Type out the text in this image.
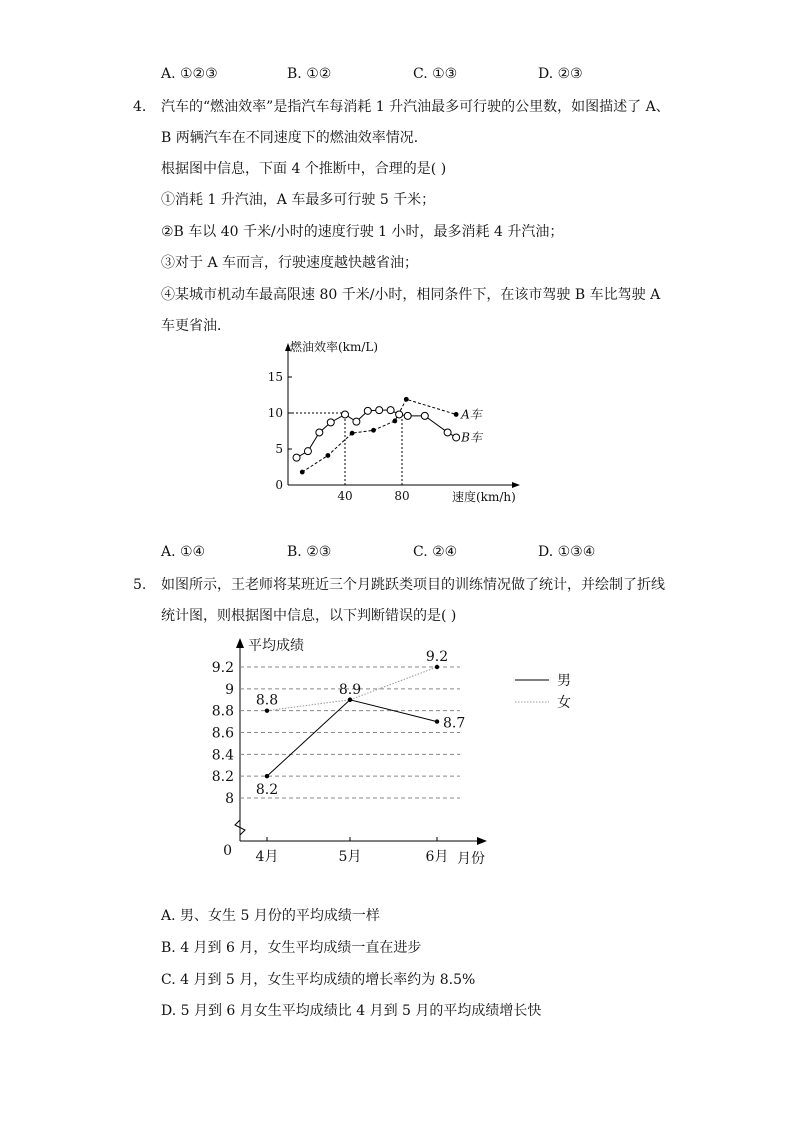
A. ①②③	B. ①②	C. ①③	D. ②③
4. 汽车的“燃油效率”是指汽车每消耗 1 升汽油最多可行驶的公里数，如图描述了 A、
B 两辆汽车在不同速度下的燃油效率情况．
根据图中信息，下面 4 个推断中，合理的是( )
①消耗 1 升汽油，A 车最多可行驶 5 千米；
②B 车以 40 千米/小时的速度行驶 1 小时，最多消耗 4 升汽油；
③对于 A 车而言，行驶速度越快越省油；
④某城市机动车最高限速 80 千米/小时，相同条件下，在该市驾驶 B 车比驾驶 A
车更省油．
0
5
10
15
40	80
燃油效率(km/L)
速度(km/h)
A车
B车
A. ①④	B. ②③	C. ②④	D. ①③④
5. 如图所示，王老师将某班近三个月跳跃类项目的训练情况做了统计，并绘制了折线
统计图，则根据图中信息，以下判断错误的是( )
0
8
8.2
8.4
8.6
8.8
9
9.2
4月	5月	6月 月份
平均成绩
8.2
8.9
8.7
男
8.8
9.2
女
A. 男、女生 5 月份的平均成绩一样
B. 4 月到 6 月，女生平均成绩一直在进步
C. 4 月到 5 月，女生平均成绩的增长率约为 8.5%
D. 5 月到 6 月女生平均成绩比 4 月到 5 月的平均成绩增长快
